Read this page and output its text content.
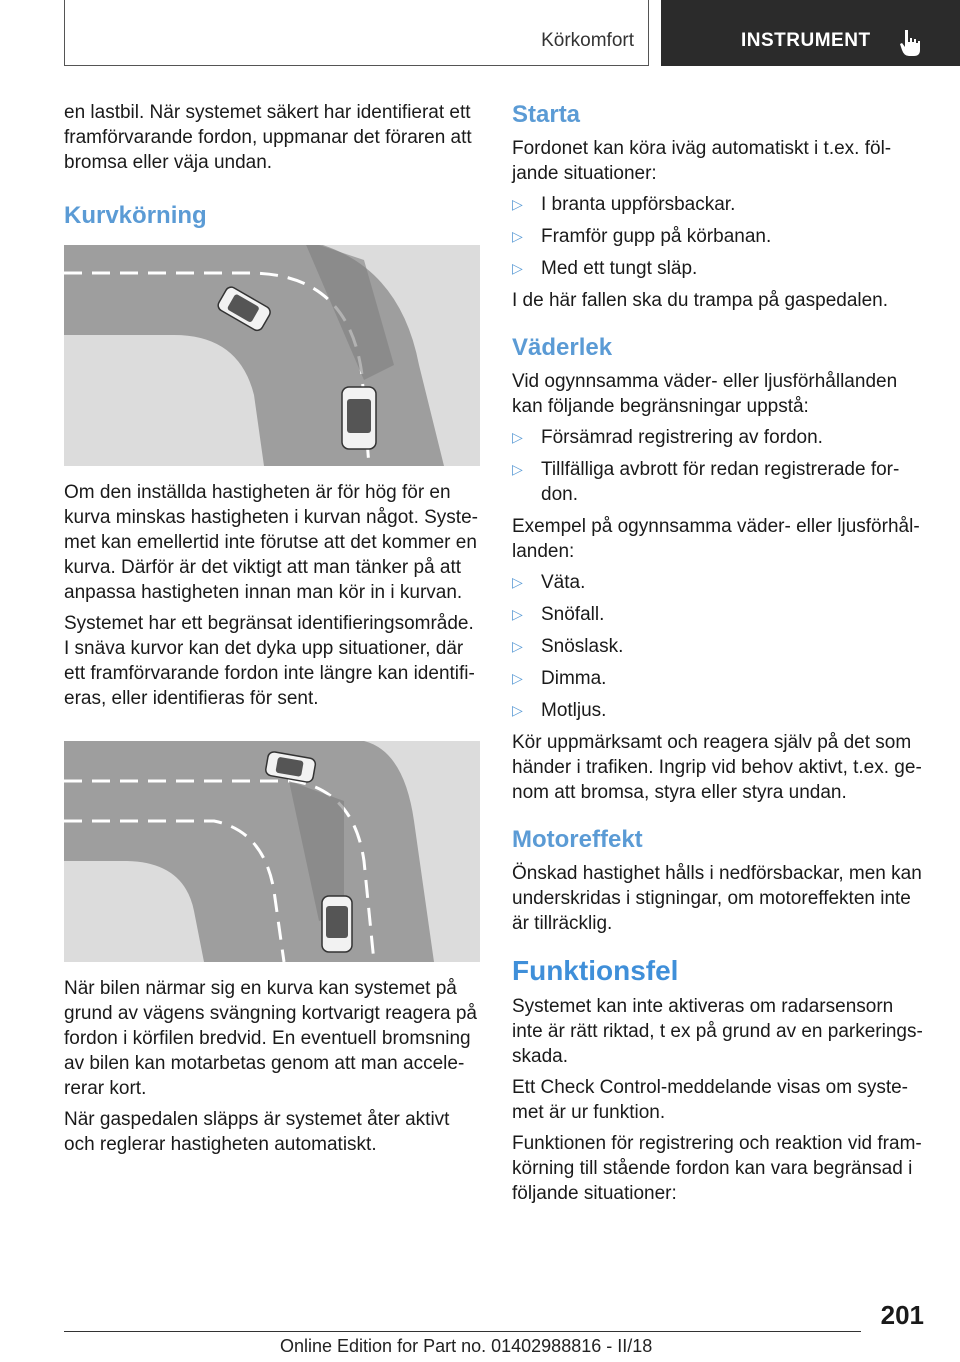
Körkomfort	INSTRUMENT

en lastbil. När systemet säkert har identifierat ett framförvarande fordon, uppmanar det föraren att bromsa eller väja undan.

Kurvkörning

Om den inställda hastigheten är för hög för en kurva minskas hastigheten i kurvan något. Systemet kan emellertid inte förutse att det kommer en kurva. Därför är det viktigt att man tänker på att anpassa hastigheten innan man kör in i kurvan.

Systemet har ett begränsat identifieringsområde. I snäva kurvor kan det dyka upp situationer, där ett framförvarande fordon inte längre kan identifieras, eller identifieras för sent.

När bilen närmar sig en kurva kan systemet på grund av vägens svängning kortvarigt reagera på fordon i körfilen bredvid. En eventuell bromsning av bilen kan motarbetas genom att man accelererar kort.

När gaspedalen släpps är systemet åter aktivt och reglerar hastigheten automatiskt.

Starta

Fordonet kan köra iväg automatiskt i t.ex. följande situationer:

▷ I branta uppförsbackar.
▷ Framför gupp på körbanan.
▷ Med ett tungt släp.

I de här fallen ska du trampa på gaspedalen.

Väderlek

Vid ogynnsamma väder- eller ljusförhållanden kan följande begränsningar uppstå:

▷ Försämrad registrering av fordon.
▷ Tillfälliga avbrott för redan registrerade fordon.

Exempel på ogynnsamma väder- eller ljusförhållanden:

▷ Väta.
▷ Snöfall.
▷ Snöslask.
▷ Dimma.
▷ Motljus.

Kör uppmärksamt och reagera själv på det som händer i trafiken. Ingrip vid behov aktivt, t.ex. genom att bromsa, styra eller styra undan.

Motoreffekt

Önskad hastighet hålls i nedförsbackar, men kan underskridas i stigningar, om motoreffekten inte är tillräcklig.

Funktionsfel

Systemet kan inte aktiveras om radarsensorn inte är rätt riktad, t ex på grund av en parkeringsskada.

Ett Check Control-meddelande visas om systemet är ur funktion.

Funktionen för registrering och reaktion vid framkörning till stående fordon kan vara begränsad i följande situationer:

201
Online Edition for Part no. 01402988816 - II/18
